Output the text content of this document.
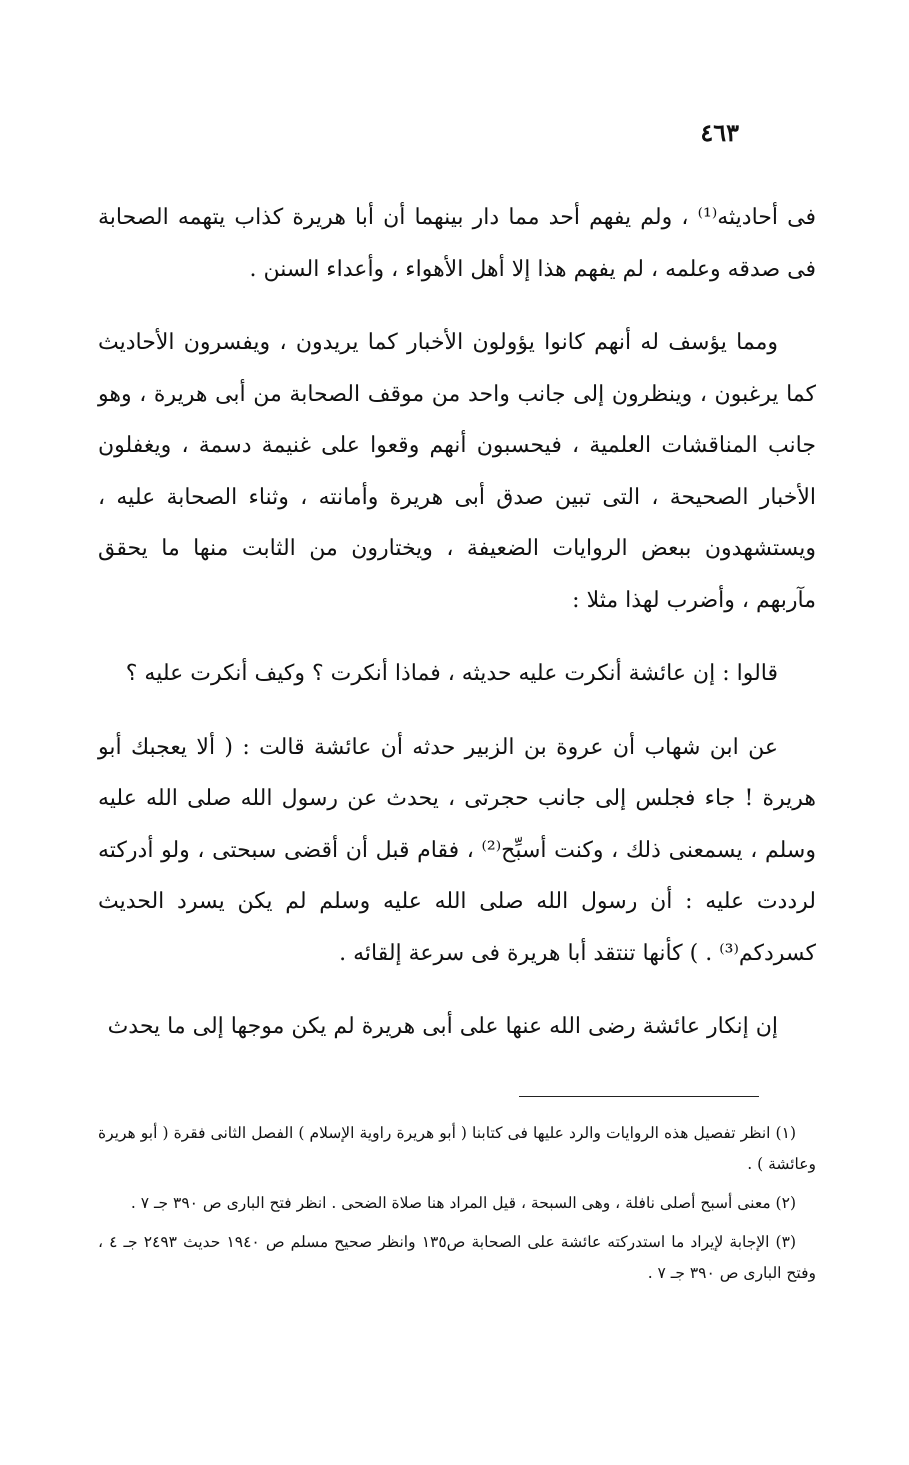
٤٦٣

فى أحاديثه⁽¹⁾ ، ولم يفهم أحد مما دار بينهما أن أبا هريرة كذاب يتهمه الصحابة فى صدقه وعلمه ، لم يفهم هذا إلا أهل الأهواء ، وأعداء السنن .

ومما يؤسف له أنهم كانوا يؤولون الأخبار كما يريدون ، ويفسرون الأحاديث كما يرغبون ، وينظرون إلى جانب واحد من موقف الصحابة من أبى هريرة ، وهو جانب المناقشات العلمية ، فيحسبون أنهم وقعوا على غنيمة دسمة ، ويغفلون الأخبار الصحيحة ، التى تبين صدق أبى هريرة وأمانته ، وثناء الصحابة عليه ، ويستشهدون ببعض الروايات الضعيفة ، ويختارون من الثابت منها ما يحقق مآربهم ، وأضرب لهذا مثلا :

قالوا : إن عائشة أنكرت عليه حديثه ، فماذا أنكرت ؟ وكيف أنكرت عليه ؟

عن ابن شهاب أن عروة بن الزبير حدثه أن عائشة قالت : ( ألا يعجبك أبو هريرة ! جاء فجلس إلى جانب حجرتى ، يحدث عن رسول الله صلى الله عليه وسلم ، يسمعنى ذلك ، وكنت أسبِّح⁽²⁾ ، فقام قبل أن أقضى سبحتى ، ولو أدركته لرددت عليه : أن رسول الله صلى الله عليه وسلم لم يكن يسرد الحديث كسردكم⁽³⁾ . ) كأنها تنتقد أبا هريرة فى سرعة إلقائه .

إن إنكار عائشة رضى الله عنها على أبى هريرة لم يكن موجها إلى ما يحدث

(١) انظر تفصيل هذه الروايات والرد عليها فى كتابنا ( أبو هريرة راوية الإسلام ) الفصل الثانى فقرة ( أبو هريرة وعائشة ) .

(٢) معنى أسبح أصلى نافلة ، وهى السبحة ، قيل المراد هنا صلاة الضحى . انظر فتح البارى ص ٣٩٠ جـ ٧ .

(٣) الإجابة لإيراد ما استدركته عائشة على الصحابة ص١٣٥ وانظر صحيح مسلم ص ١٩٤٠ حديث ٢٤٩٣ جـ ٤ ، وفتح البارى ص ٣٩٠ جـ ٧ .
